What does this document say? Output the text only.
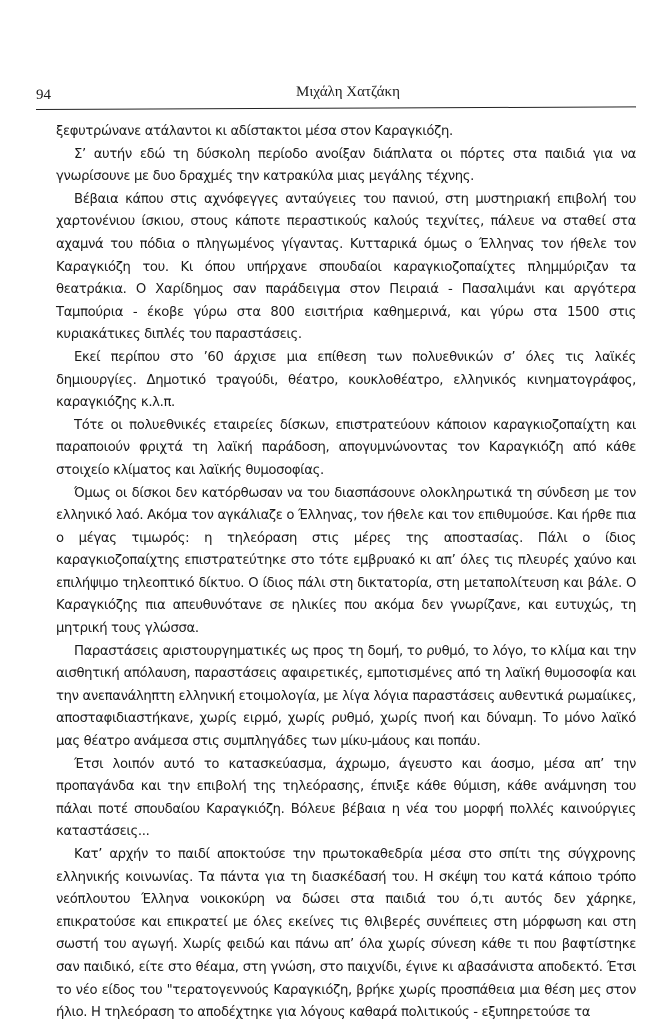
94	Μιχάλη Χατζάκη

ξεφυτρώνανε ατάλαντοι κι αδίστακτοι μέσα στον Καραγκιόζη.

Σ’ αυτήν εδώ τη δύσκολη περίοδο ανοίξαν διάπλατα οι πόρτες στα παιδιά για να γνωρίσουνε με δυο δραχμές την κατρακύλα μιας μεγάλης τέχνης.

Βέβαια κάπου στις αχνόφεγγες ανταύγειες του πανιού, στη μυστηριακή επιβολή του χαρτονένιου ίσκιου, στους κάποτε περαστικούς καλούς τεχνίτες, πάλευε να σταθεί στα αχαμνά του πόδια ο πληγωμένος γίγαντας. Κυτταρικά όμως ο Έλληνας τον ήθελε τον Καραγκιόζη του. Κι όπου υπήρχανε σπουδαίοι καραγκιοζοπαίχτες πλημμύριζαν τα θεατράκια. Ο Χαρίδημος σαν παράδειγμα στον Πειραιά - Πασαλιμάνι και αργότερα Ταμπούρια - έκοβε γύρω στα 800 εισιτήρια καθημερινά, και γύρω στα 1500 στις κυριακάτικες διπλές του παραστάσεις.

Εκεί περίπου στο ’60 άρχισε μια επίθεση των πολυεθνικών σ’ όλες τις λαϊκές δημιουργίες. Δημοτικό τραγούδι, θέατρο, κουκλοθέατρο, ελληνικός κινηματογράφος, καραγκιόζης κ.λ.π.

Τότε οι πολυεθνικές εταιρείες δίσκων, επιστρατεύουν κάποιον καραγκιοζοπαίχτη και παραποιούν φριχτά τη λαϊκή παράδοση, απογυμνώνοντας τον Καραγκιόζη από κάθε στοιχείο κλίματος και λαϊκής θυμοσοφίας.

Όμως οι δίσκοι δεν κατόρθωσαν να του διασπάσουνε ολοκληρωτικά τη σύνδεση με τον ελληνικό λαό. Ακόμα τον αγκάλιαζε ο Έλληνας, τον ήθελε και τον επιθυμούσε. Και ήρθε πια ο μέγας τιμωρός: η τηλεόραση στις μέρες της αποστασίας. Πάλι ο ίδιος καραγκιοζοπαίχτης επιστρατεύτηκε στο τότε εμβρυακό κι απ’ όλες τις πλευρές χαύνο και επιλήψιμο τηλεοπτικό δίκτυο. Ο ίδιος πάλι στη δικτατορία, στη μεταπολίτευση και βάλε. Ο Καραγκιόζης πια απευθυνότανε σε ηλικίες που ακόμα δεν γνωρίζανε, και ευτυχώς, τη μητρική τους γλώσσα.

Παραστάσεις αριστουργηματικές ως προς τη δομή, το ρυθμό, το λόγο, το κλίμα και την αισθητική απόλαυση, παραστάσεις αφαιρετικές, εμποτισμένες από τη λαϊκή θυμοσοφία και την ανεπανάληπτη ελληνική ετοιμολογία, με λίγα λόγια παραστάσεις αυθεντικά ρωμαίικες, αποσταφιδιαστήκανε, χωρίς ειρμό, χωρίς ρυθμό, χωρίς πνοή και δύναμη. Το μόνο λαϊκό μας θέατρο ανάμεσα στις συμπληγάδες των μίκυ-μάους και ποπάυ.

Έτσι λοιπόν αυτό το κατασκεύασμα, άχρωμο, άγευστο και άοσμο, μέσα απ’ την προπαγάνδα και την επιβολή της τηλεόρασης, έπνιξε κάθε θύμιση, κάθε ανάμνηση του πάλαι ποτέ σπουδαίου Καραγκιόζη. Βόλευε βέβαια η νέα του μορφή πολλές καινούργιες καταστάσεις...

Κατ’ αρχήν το παιδί αποκτούσε την πρωτοκαθεδρία μέσα στο σπίτι της σύγχρονης ελληνικής κοινωνίας. Τα πάντα για τη διασκέδασή του. Η σκέψη του κατά κάποιο τρόπο νεόπλουτου Έλληνα νοικοκύρη να δώσει στα παιδιά του ό,τι αυτός δεν χάρηκε, επικρατούσε και επικρατεί με όλες εκείνες τις θλιβερές συνέπειες στη μόρφωση και στη σωστή του αγωγή. Χωρίς φειδώ και πάνω απ’ όλα χωρίς σύνεση κάθε τι που βαφτίστηκε σαν παιδικό, είτε στο θέαμα, στη γνώση, στο παιχνίδι, έγινε κι αβασάνιστα αποδεκτό. Έτσι το νέο είδος του "τερατογεννούς Καραγκιόζη, βρήκε χωρίς προσπάθεια μια θέση μες στον ήλιο. Η τηλεόραση το αποδέχτηκε για λόγους καθαρά πολιτικούς - εξυπηρετούσε τα
